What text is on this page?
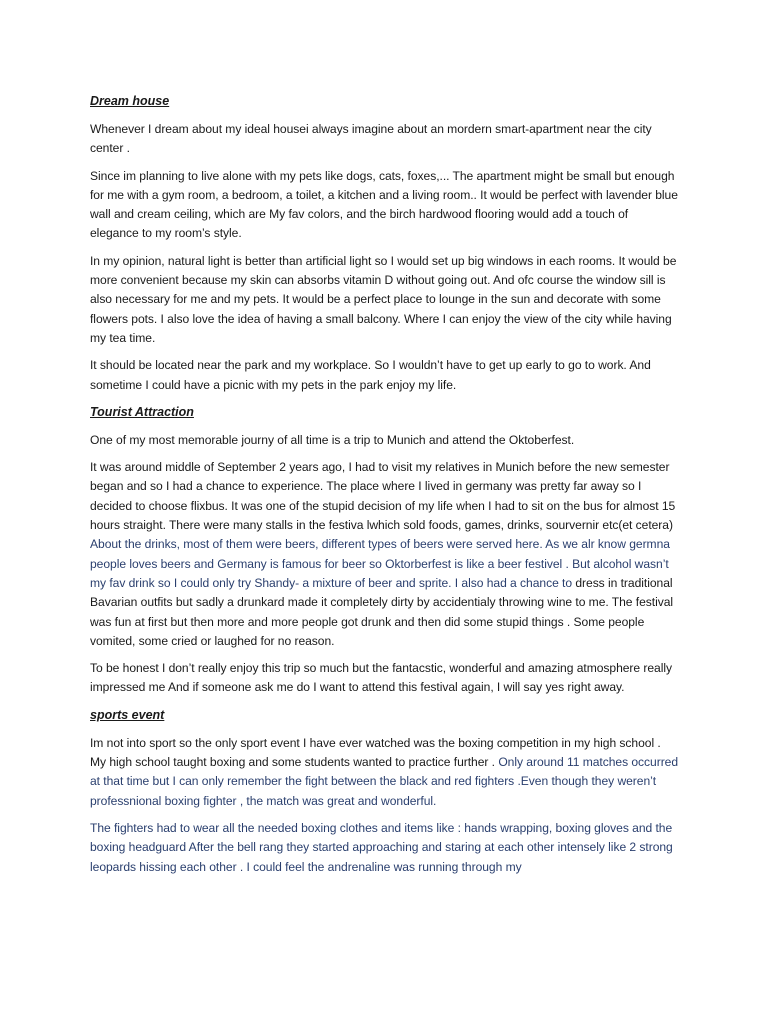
Dream house

Whenever I dream about my ideal housei always imagine about an mordern smart-apartment near the city center .

Since im planning to live alone with my pets like dogs, cats, foxes,... The apartment might be small but enough for me with a gym room, a bedroom, a toilet, a kitchen and a living room.. It would be perfect with lavender blue wall and cream ceiling, which are My fav colors, and the birch hardwood flooring would add a touch of elegance to my room’s style.

In my opinion, natural light is better than artificial light so I would set up big windows in each rooms. It would be more convenient because my skin can absorbs vitamin D without going out. And ofc course the window sill is also necessary for me and my pets. It would be a perfect place to lounge in the sun and decorate with some flowers pots. I also love the idea of having a small balcony. Where I can enjoy the view of the city while having my tea time.

It should be located near the park and my workplace. So I wouldn’t have to get up early to go to work. And sometime I could have a picnic with my pets in the park enjoy my life.

Tourist Attraction

One of my most memorable journy of all time is a trip to Munich and attend the Oktoberfest.

It was around middle of September 2 years ago, I had to visit my relatives in Munich before the new semester began and so I had a chance to experience. The place where I lived in germany was pretty far away so I decided to choose flixbus. It was one of the stupid decision of my life when I had to sit on the bus for almost 15 hours straight. There were many stalls in the festiva lwhich sold foods, games, drinks, sourvernir etc(et cetera) About the drinks, most of them were beers, different types of beers were served here. As we alr know germna people loves beers and Germany is famous for beer so Oktorberfest is like a beer festivel . But alcohol wasn’t my fav drink so I could only try Shandy- a mixture of beer and sprite. I also had a chance to dress in traditional Bavarian outfits but sadly a drunkard made it completely dirty by accidentialy throwing wine to me. The festival was fun at first but then more and more people got drunk and then did some stupid things . Some people vomited, some cried or laughed for no reason.

To be honest I don’t really enjoy this trip so much but the fantacstic, wonderful and amazing atmosphere really impressed me And if someone ask me do I want to attend this festival again, I will say yes right away.

sports event

Im not into sport so the only sport event I have ever watched was the boxing competition in my high school . My high school taught boxing and some students wanted to practice further . Only around 11 matches occurred at that time but I can only remember the fight between the black and red fighters .Even though they weren’t professnional boxing fighter , the match was great and wonderful.

The fighters had to wear all the needed boxing clothes and items like : hands wrapping, boxing gloves and the boxing headguard After the bell rang they started approaching and staring at each other intensely like 2 strong leopards hissing each other . I could feel the andrenaline was running through my
